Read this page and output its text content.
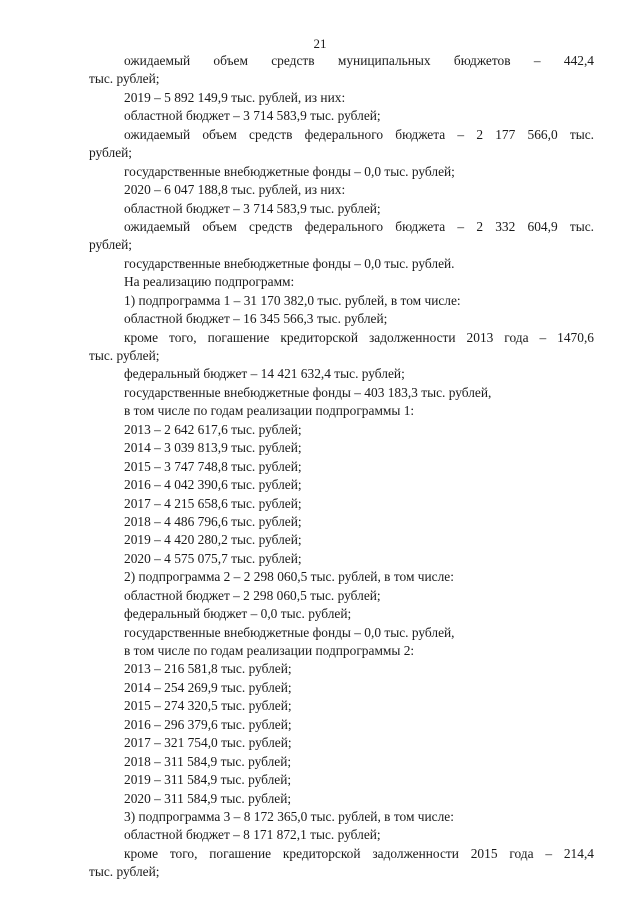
21
ожидаемый объем средств муниципальных бюджетов – 442,4
тыс. рублей;
2019 – 5 892 149,9 тыс. рублей, из них:
областной бюджет – 3 714 583,9 тыс. рублей;
ожидаемый объем средств федерального бюджета – 2 177 566,0 тыс.
рублей;
государственные внебюджетные фонды – 0,0 тыс. рублей;
2020 – 6 047 188,8 тыс. рублей, из них:
областной бюджет – 3 714 583,9 тыс. рублей;
ожидаемый объем средств федерального бюджета – 2 332 604,9 тыс.
рублей;
государственные внебюджетные фонды – 0,0 тыс. рублей.
На реализацию подпрограмм:
1) подпрограмма 1 – 31 170 382,0 тыс. рублей, в том числе:
областной бюджет – 16 345 566,3 тыс. рублей;
кроме того, погашение кредиторской задолженности 2013 года – 1470,6
тыс. рублей;
федеральный бюджет – 14 421 632,4 тыс. рублей;
государственные внебюджетные фонды – 403 183,3 тыс. рублей,
в том числе по годам реализации подпрограммы 1:
2013 – 2 642 617,6 тыс. рублей;
2014 – 3 039 813,9 тыс. рублей;
2015 – 3 747 748,8 тыс. рублей;
2016 – 4 042 390,6 тыс. рублей;
2017 – 4 215 658,6 тыс. рублей;
2018 – 4 486 796,6 тыс. рублей;
2019 – 4 420 280,2 тыс. рублей;
2020 – 4 575 075,7 тыс. рублей;
2) подпрограмма 2 – 2 298 060,5 тыс. рублей, в том числе:
областной бюджет – 2 298 060,5 тыс. рублей;
федеральный бюджет – 0,0 тыс. рублей;
государственные внебюджетные фонды – 0,0 тыс. рублей,
в том числе по годам реализации подпрограммы 2:
2013 – 216 581,8 тыс. рублей;
2014 – 254 269,9 тыс. рублей;
2015 – 274 320,5 тыс. рублей;
2016 – 296 379,6 тыс. рублей;
2017 – 321 754,0 тыс. рублей;
2018 – 311 584,9 тыс. рублей;
2019 – 311 584,9 тыс. рублей;
2020 – 311 584,9 тыс. рублей;
3) подпрограмма 3 – 8 172 365,0 тыс. рублей, в том числе:
областной бюджет – 8 171 872,1 тыс. рублей;
кроме того, погашение кредиторской задолженности 2015 года – 214,4
тыс. рублей;
